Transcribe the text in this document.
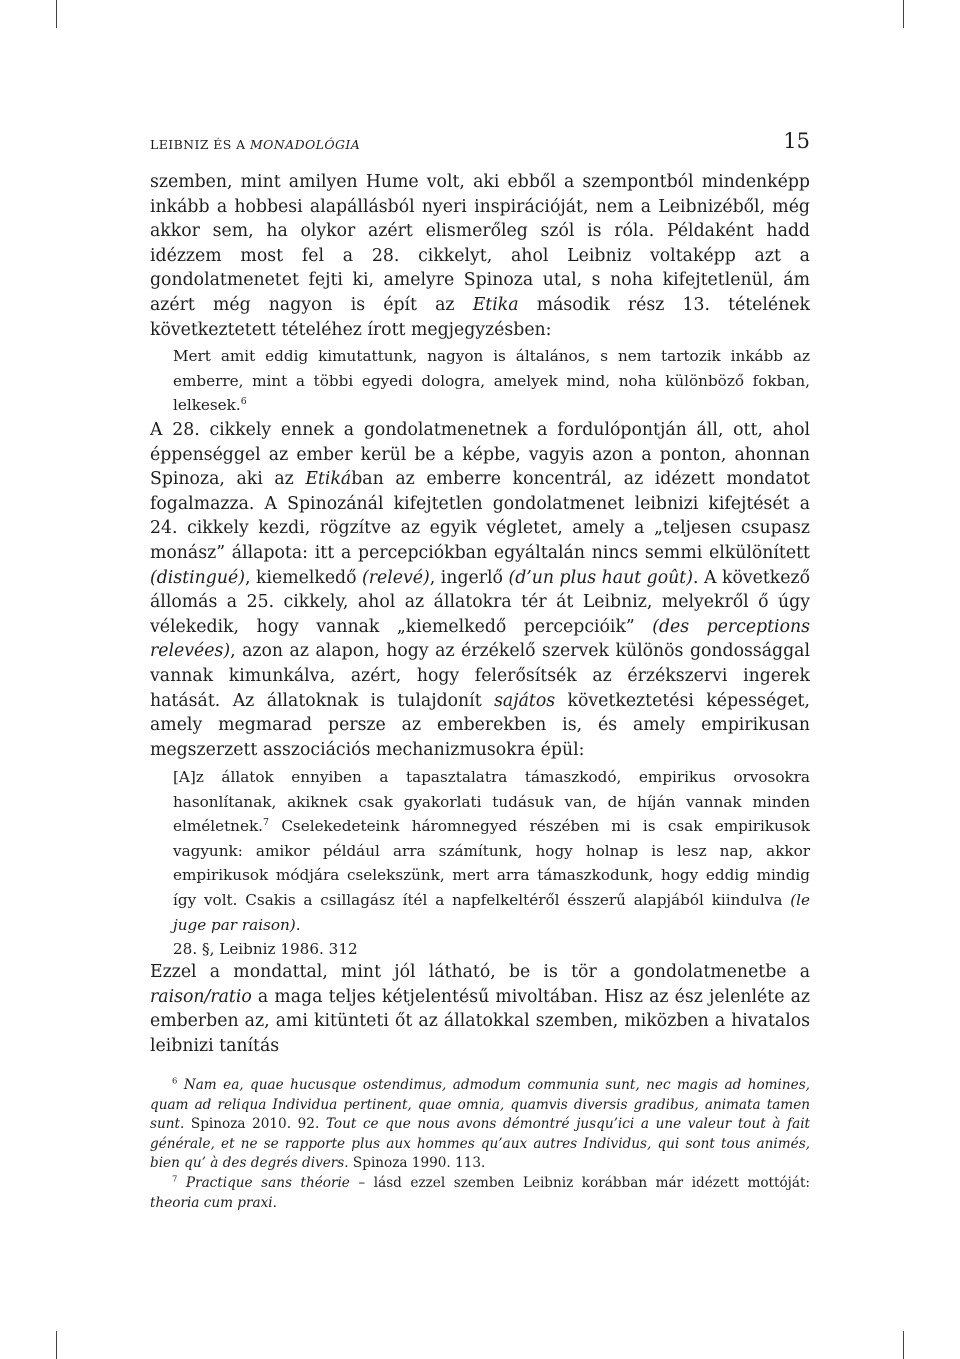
LEIBNIZ ÉS A MONADOLÓGIA	15

szemben, mint amilyen Hume volt, aki ebből a szempontból mindenképp inkább a hobbesi alapállásból nyeri inspirációját, nem a Leibnizéből, még akkor sem, ha olykor azért elismerőleg szól is róla. Példaként hadd idézzem most fel a 28. cikkelyt, ahol Leibniz voltaképp azt a gondolatmenetet fejti ki, amelyre Spinoza utal, s noha kifejtetlenül, ám azért még nagyon is épít az Etika második rész 13. tételének következtetett tételéhez írott megjegyzésben:

Mert amit eddig kimutattunk, nagyon is általános, s nem tartozik inkább az emberre, mint a többi egyedi dologra, amelyek mind, noha különböző fokban, lelkesek.$^6$

A 28. cikkely ennek a gondolatmenetnek a fordulópontján áll, ott, ahol éppenséggel az ember kerül be a képbe, vagyis azon a ponton, ahonnan Spinoza, aki az Etikában az emberre koncentrál, az idézett mondatot fogalmazza. A Spinozánál kifejtetlen gondolatmenet leibnizi kifejtését a 24. cikkely kezdi, rögzítve az egyik végletet, amely a „teljesen csupasz monász” állapota: itt a percepciókban egyáltalán nincs semmi elkülönített (distingué), kiemelkedő (relevé), ingerlő (d’un plus haut goût). A következő állomás a 25. cikkely, ahol az állatokra tér át Leibniz, melyekről ő úgy vélekedik, hogy vannak „kiemelkedő percepcióik” (des perceptions relevées), azon az alapon, hogy az érzékelő szervek különös gondossággal vannak kimunkálva, azért, hogy felerősítsék az érzékszervi ingerek hatását. Az állatoknak is tulajdonít sajátos következtetési képességet, amely megmarad persze az emberekben is, és amely empirikusan megszerzett asszociációs mechanizmusokra épül:

[A]z állatok ennyiben a tapasztalatra támaszkodó, empirikus orvosokra hasonlítanak, akiknek csak gyakorlati tudásuk van, de híján vannak minden elméletnek.$^7$ Cselekedeteink háromnegyed részében mi is csak empirikusok vagyunk: amikor például arra számítunk, hogy holnap is lesz nap, akkor empirikusok módjára cselekszünk, mert arra támaszkodunk, hogy eddig mindig így volt. Csakis a csillagász ítél a napfelkeltéről ésszerű alapjából kiindulva (le juge par raison).

28. §, Leibniz 1986. 312

Ezzel a mondattal, mint jól látható, be is tör a gondolatmenetbe a raison/ratio a maga teljes kétjelentésű mivoltában. Hisz az ész jelenléte az emberben az, ami kitünteti őt az állatokkal szemben, miközben a hivatalos leibnizi tanítás

$^6$ Nam ea, quae hucusque ostendimus, admodum communia sunt, nec magis ad homines, quam ad reliqua Individua pertinent, quae omnia, quamvis diversis gradibus, animata tamen sunt. Spinoza 2010. 92. Tout ce que nous avons démontré jusqu’ici a une valeur tout à fait générale, et ne se rapporte plus aux hommes qu’aux autres Individus, qui sont tous animés, bien qu’ à des degrés divers. Spinoza 1990. 113.

$^7$ Practique sans théorie – lásd ezzel szemben Leibniz korábban már idézett mottóját: theoria cum praxi.
